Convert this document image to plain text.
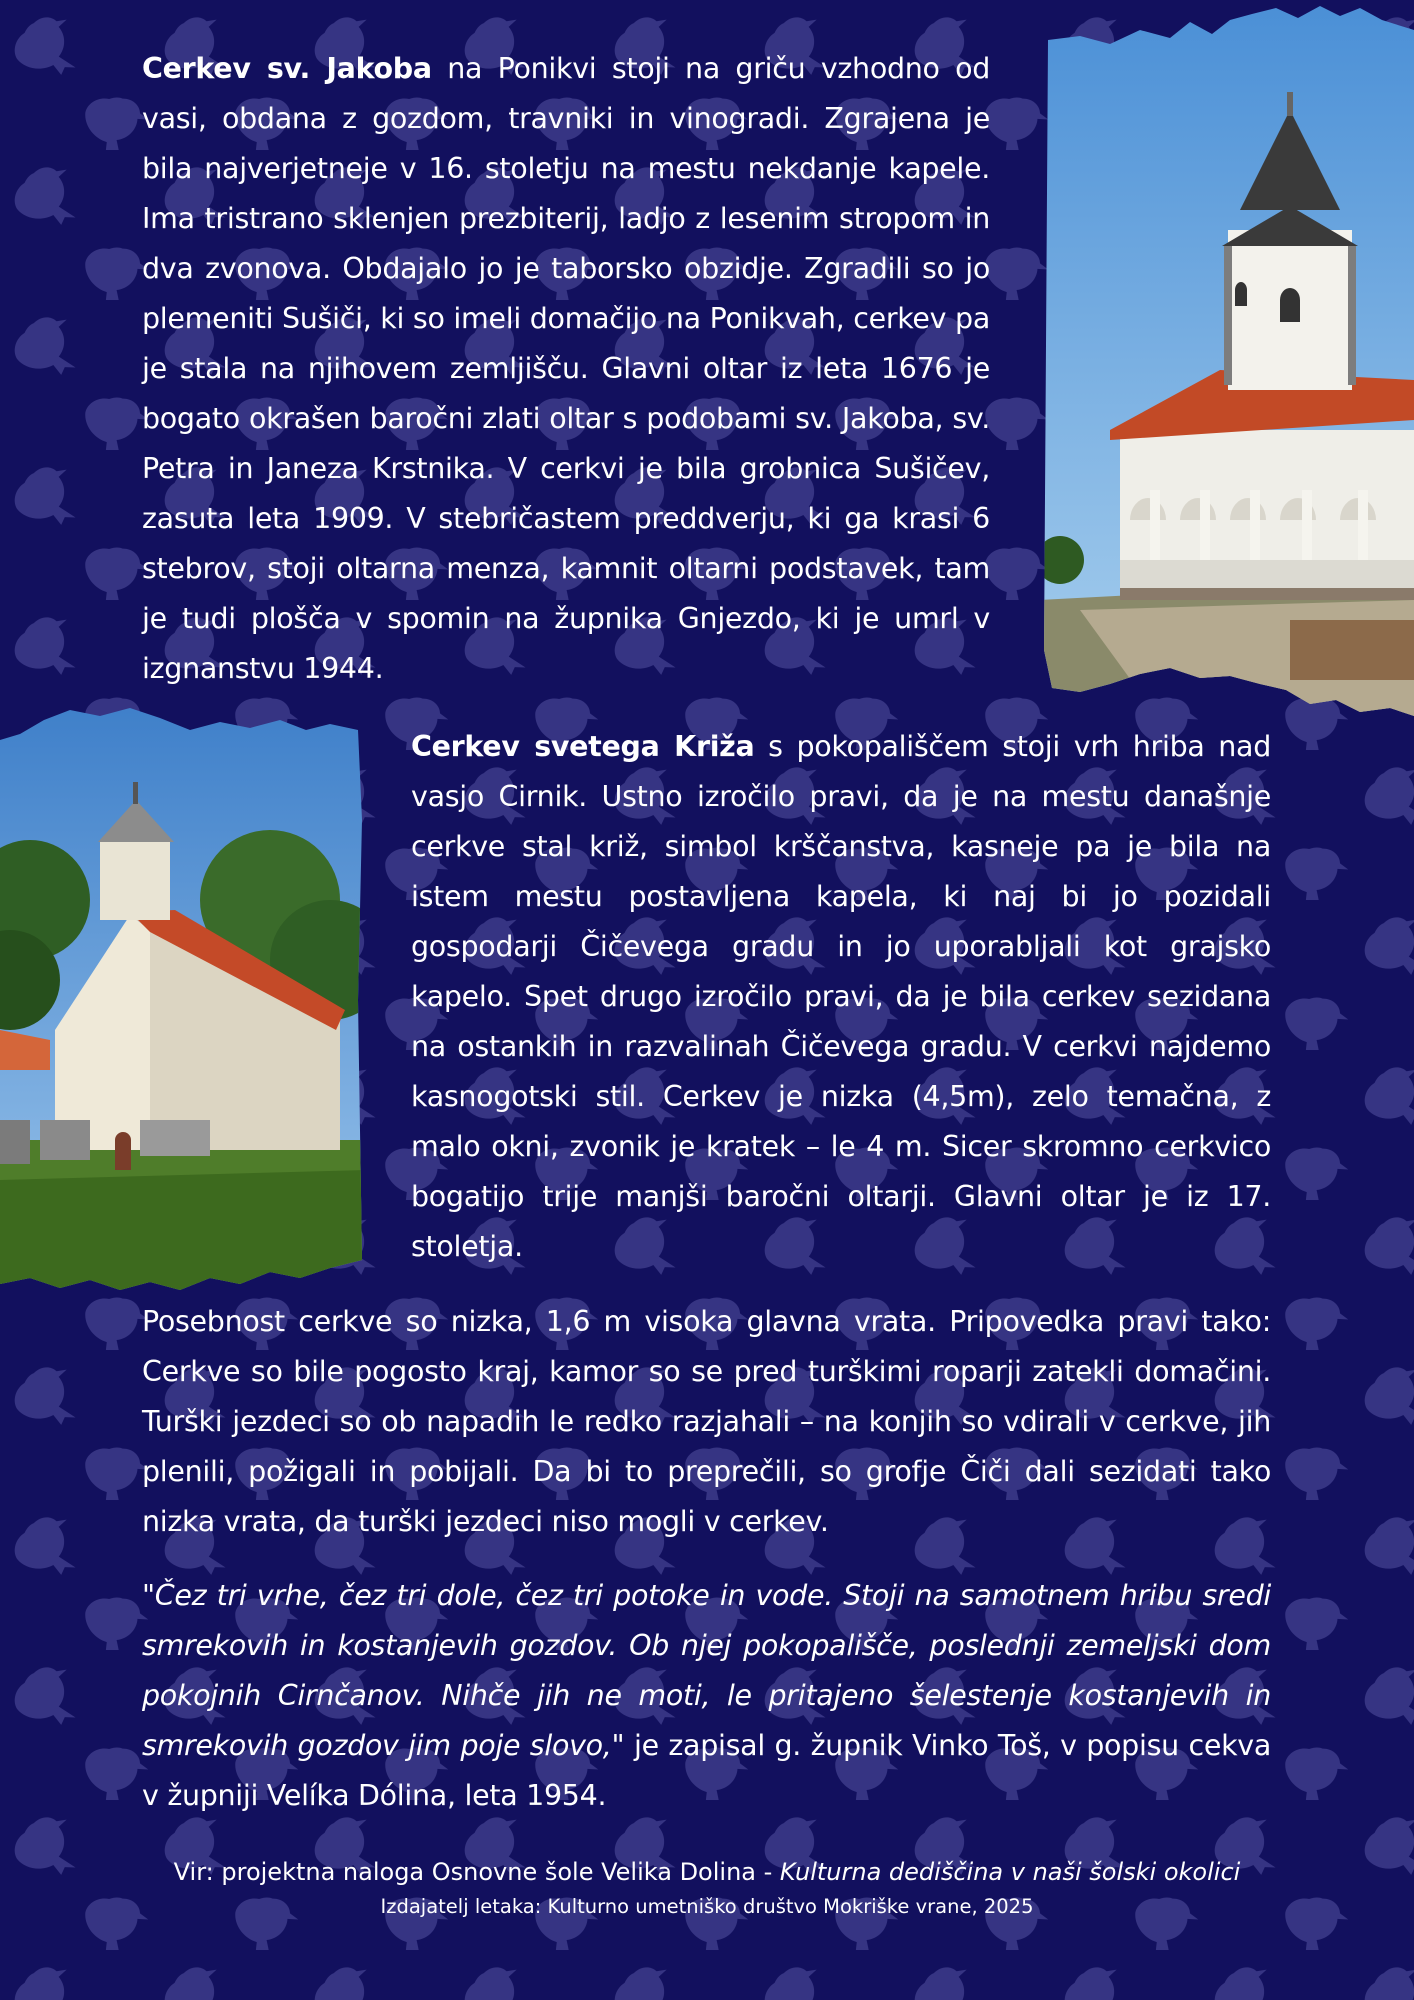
Cerkev sv. Jakoba na Ponikvi stoji na griču vzhodno od vasi, obdana z gozdom, travniki in vinogradi. Zgrajena je bila najverjetneje v 16. stoletju na mestu nekdanje kapele. Ima tristrano sklenjen prezbiterij, ladjo z lesenim stropom in dva zvonova. Obdajalo jo je taborsko obzidje. Zgradili so jo plemeniti Sušiči, ki so imeli domačijo na Ponikvah, cerkev pa je stala na njihovem zemljišču. Glavni oltar iz leta 1676 je bogato okrašen baročni zlati oltar s podobami sv. Jakoba, sv. Petra in Janeza Krstnika. V cerkvi je bila grobnica Sušičev, zasuta leta 1909. V stebričastem preddverju, ki ga krasi 6 stebrov, stoji oltarna menza, kamnit oltarni podstavek, tam je tudi plošča v spomin na župnika Gnjezdo, ki je umrl v izgnanstvu 1944.

Cerkev svetega Križa s pokopališčem stoji vrh hriba nad vasjo Cirnik. Ustno izročilo pravi, da je na mestu današnje cerkve stal križ, simbol krščanstva, kasneje pa je bila na istem mestu postavljena kapela, ki naj bi jo pozidali gospodarji Čičevega gradu in jo uporabljali kot grajsko kapelo. Spet drugo izročilo pravi, da je bila cerkev sezidana na ostankih in razvalinah Čičevega gradu. V cerkvi najdemo kasnogotski stil. Cerkev je nizka (4,5m), zelo temačna, z malo okni, zvonik je kratek – le 4 m. Sicer skromno cerkvico bogatijo trije manjši baročni oltarji. Glavni oltar je iz 17. stoletja.

Posebnost cerkve so nizka, 1,6 m visoka glavna vrata. Pripovedka pravi tako: Cerkve so bile pogosto kraj, kamor so se pred turškimi roparji zatekli domačini. Turški jezdeci so ob napadih le redko razjahali – na konjih so vdirali v cerkve, jih plenili, požigali in pobijali. Da bi to preprečili, so grofje Čiči dali sezidati tako nizka vrata, da turški jezdeci niso mogli v cerkev.

"Čez tri vrhe, čez tri dole, čez tri potoke in vode. Stoji na samotnem hribu sredi smrekovih in kostanjevih gozdov. Ob njej pokopališče, poslednji zemeljski dom pokojnih Cirnčanov. Nihče jih ne moti, le pritajeno šelestenje kostanjevih in smrekovih gozdov jim poje slovo," je zapisal g. župnik Vinko Toš, v popisu cekva v župniji Velíka Dólina, leta 1954.

Vir: projektna naloga Osnovne šole Velika Dolina - Kulturna dediščina v naši šolski okolici
Izdajatelj letaka: Kulturno umetniško društvo Mokriške vrane, 2025
